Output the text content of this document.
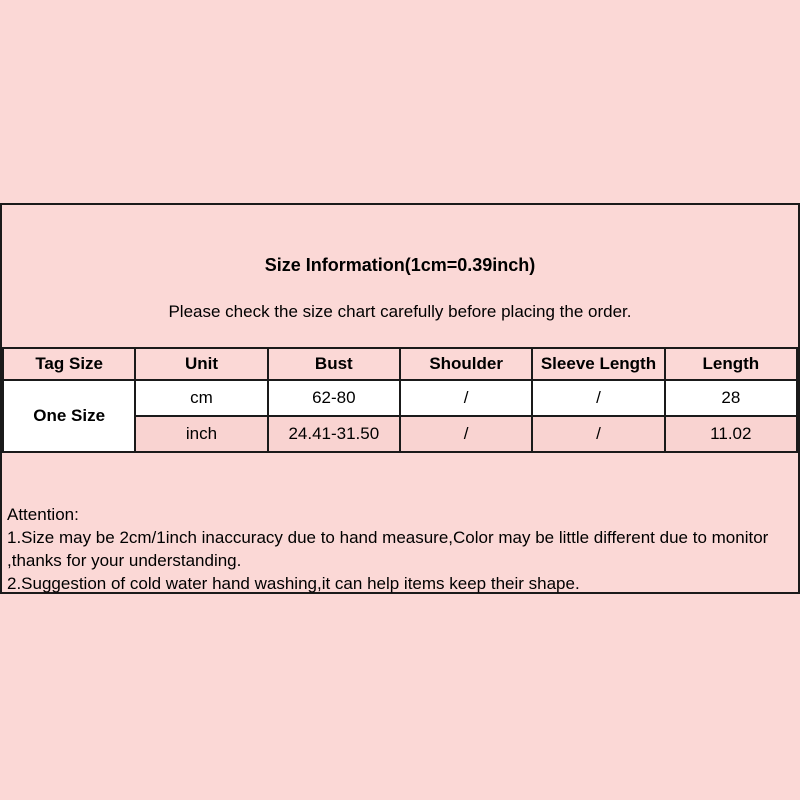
Size Information(1cm=0.39inch)
Please check the size chart carefully before placing the order.
Tag Size	Unit	Bust	Shoulder	Sleeve Length	Length
One Size	cm	62-80	/	/	28
	inch	24.41-31.50	/	/	11.02
Attention:
1.Size may be 2cm/1inch inaccuracy due to hand measure,Color may be little different due to monitor ,thanks for your understanding.
2.Suggestion of cold water hand washing,it can help items keep their shape.
